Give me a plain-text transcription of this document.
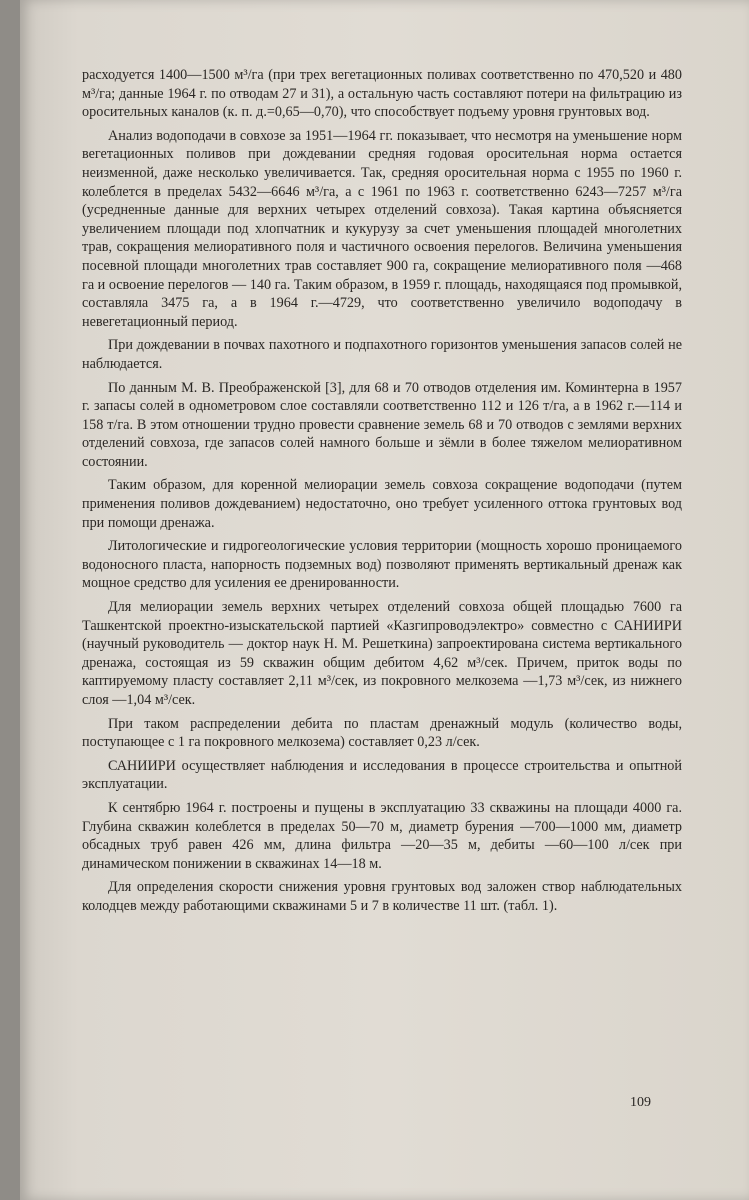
расходуется 1400—1500 м³/га (при трех вегетационных поливах соответственно по 470,520 и 480 м³/га; данные 1964 г. по отводам 27 и 31), а остальную часть составляют потери на фильтрацию из оросительных каналов (к. п. д.=0,65—0,70), что способствует подъему уровня грунтовых вод.

Анализ водоподачи в совхозе за 1951—1964 гг. показывает, что несмотря на уменьшение норм вегетационных поливов при дождевании средняя годовая оросительная норма остается неизменной, даже несколько увеличивается. Так, средняя оросительная норма с 1955 по 1960 г. колеблется в пределах 5432—6646 м³/га, а с 1961 по 1963 г. соответственно 6243—7257 м³/га (усредненные данные для верхних четырех отделений совхоза). Такая картина объясняется увеличением площади под хлопчатник и кукурузу за счет уменьшения площадей многолетних трав, сокращения мелиоративного поля и частичного освоения перелогов. Величина уменьшения посевной площади многолетних трав составляет 900 га, сокращение мелиоративного поля —468 га и освоение перелогов — 140 га. Таким образом, в 1959 г. площадь, находящаяся под промывкой, составляла 3475 га, а в 1964 г.—4729, что соответственно увеличило водоподачу в невегетационный период.

При дождевании в почвах пахотного и подпахотного горизонтов уменьшения запасов солей не наблюдается.

По данным М. В. Преображенской [3], для 68 и 70 отводов отделения им. Коминтерна в 1957 г. запасы солей в однометровом слое составляли соответственно 112 и 126 т/га, а в 1962 г.—114 и 158 т/га. В этом отношении трудно провести сравнение земель 68 и 70 отводов с землями верхних отделений совхоза, где запасов солей намного больше и зёмли в более тяжелом мелиоративном состоянии.

Таким образом, для коренной мелиорации земель совхоза сокращение водоподачи (путем применения поливов дождеванием) недостаточно, оно требует усиленного оттока грунтовых вод при помощи дренажа.

Литологические и гидрогеологические условия территории (мощность хорошо проницаемого водоносного пласта, напорность подземных вод) позволяют применять вертикальный дренаж как мощное средство для усиления ее дренированности.

Для мелиорации земель верхних четырех отделений совхоза общей площадью 7600 га Ташкентской проектно-изыскательской партией «Казгипроводэлектро» совместно с САНИИРИ (научный руководитель — доктор наук Н. М. Решеткина) запроектирована система вертикального дренажа, состоящая из 59 скважин общим дебитом 4,62 м³/сек. Причем, приток воды по каптируемому пласту составляет 2,11 м³/сек, из покровного мелкозема —1,73 м³/сек, из нижнего слоя —1,04 м³/сек.

При таком распределении дебита по пластам дренажный модуль (количество воды, поступающее с 1 га покровного мелкозема) составляет 0,23 л/сек.

САНИИРИ осуществляет наблюдения и исследования в процессе строительства и опытной эксплуатации.

К сентябрю 1964 г. построены и пущены в эксплуатацию 33 скважины на площади 4000 га. Глубина скважин колеблется в пределах 50—70 м, диаметр бурения —700—1000 мм, диаметр обсадных труб равен 426 мм, длина фильтра —20—35 м, дебиты —60—100 л/сек при динамическом понижении в скважинах 14—18 м.

Для определения скорости снижения уровня грунтовых вод заложен створ наблюдательных колодцев между работающими скважинами 5 и 7 в количестве 11 шт. (табл. 1).

109
